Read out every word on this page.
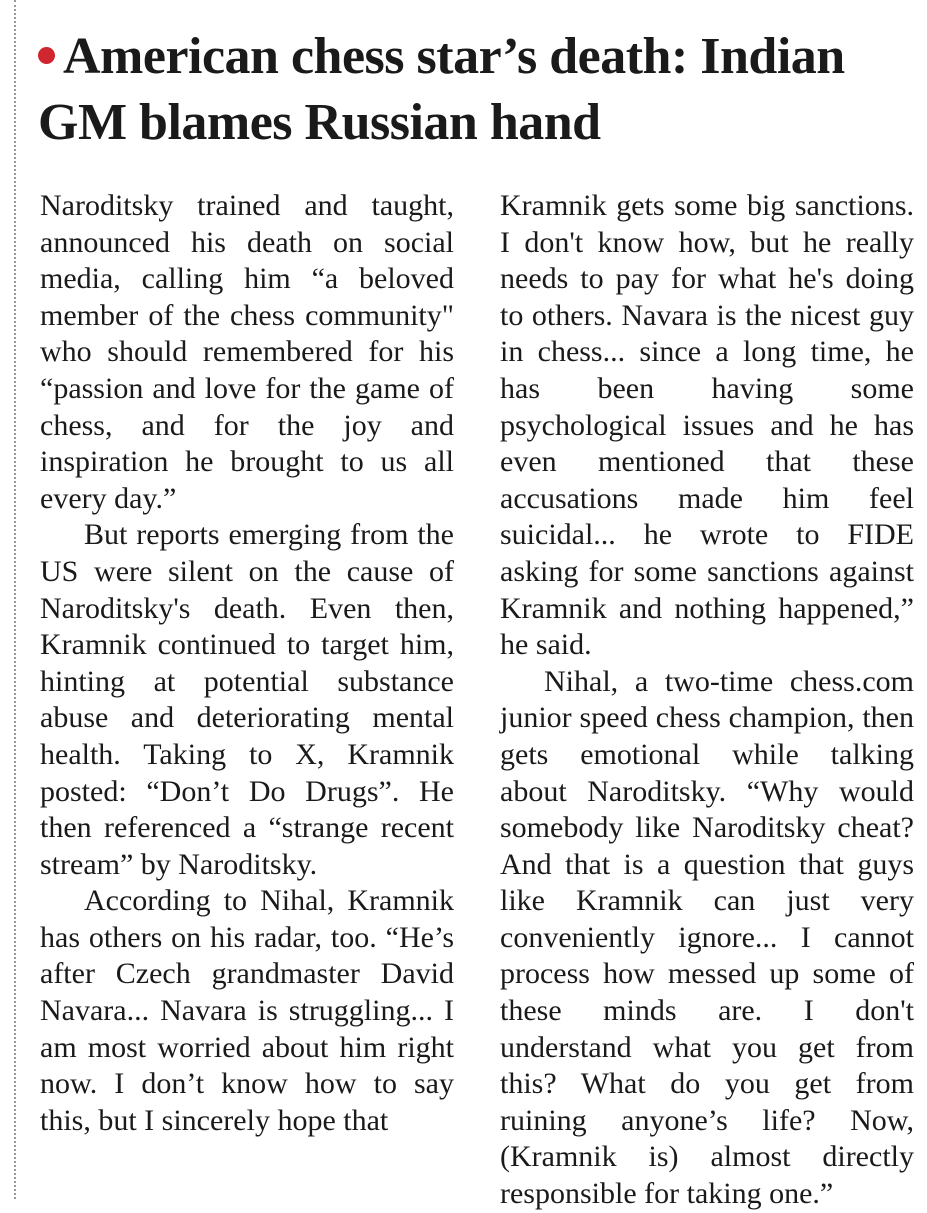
American chess star’s death: Indian GM blames Russian hand

Naroditsky trained and taught, announced his death on social media, calling him “a beloved member of the chess community" who should remembered for his “passion and love for the game of chess, and for the joy and inspiration he brought to us all every day.”

But reports emerging from the US were silent on the cause of Naroditsky's death. Even then, Kramnik continued to target him, hinting at potential substance abuse and deteriorating mental health. Taking to X, Kramnik posted: “Don’t Do Drugs”. He then referenced a “strange recent stream” by Naroditsky.

According to Nihal, Kramnik has others on his radar, too. “He’s after Czech grandmaster David Navara... Navara is struggling... I am most worried about him right now. I don’t know how to say this, but I sincerely hope that

Kramnik gets some big sanctions. I don't know how, but he really needs to pay for what he's doing to others. Navara is the nicest guy in chess... since a long time, he has been having some psychological issues and he has even mentioned that these accusations made him feel suicidal... he wrote to FIDE asking for some sanctions against Kramnik and nothing happened,” he said.

Nihal, a two-time chess.com junior speed chess champion, then gets emotional while talking about Naroditsky. “Why would somebody like Naroditsky cheat? And that is a question that guys like Kramnik can just very conveniently ignore... I cannot process how messed up some of these minds are. I don't understand what you get from this? What do you get from ruining anyone’s life? Now, (Kramnik is) almost directly responsible for taking one.”
